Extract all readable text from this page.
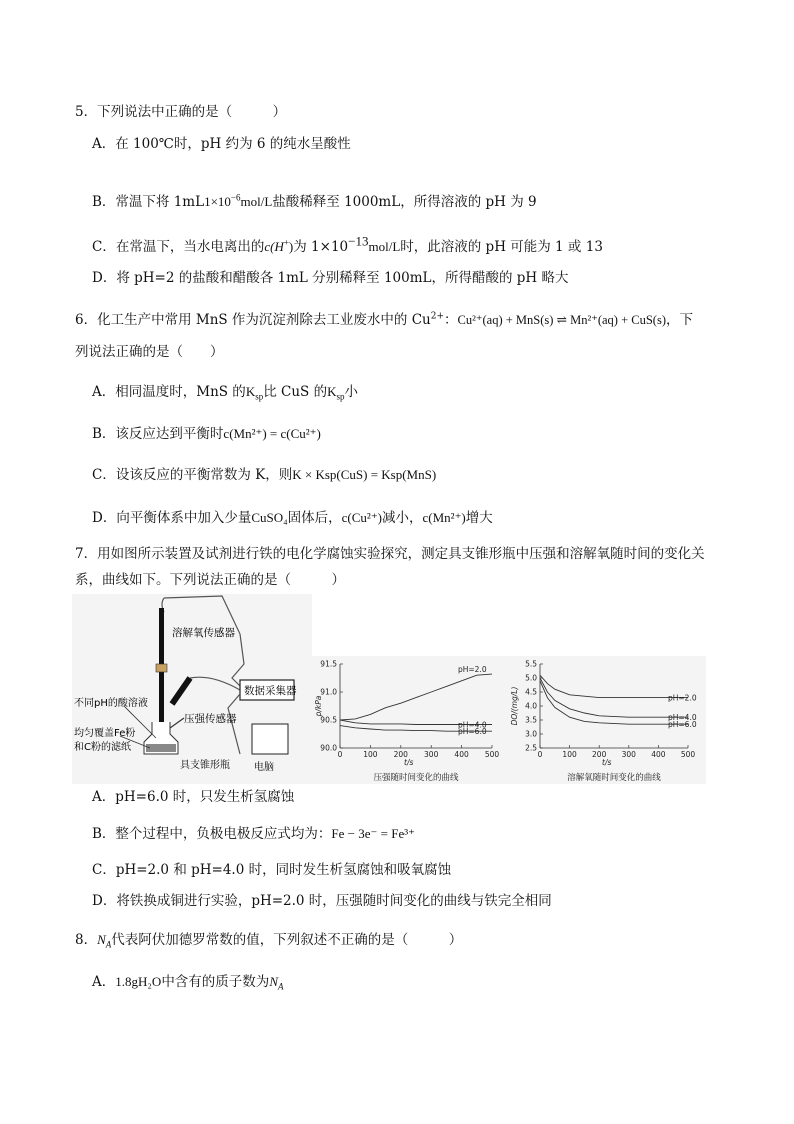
5．下列说法中正确的是（　　　）
A．在 100℃时，pH 约为 6 的纯水呈酸性
B．常温下将 $1mL1\times 10^{-6}mol/L$盐酸稀释至 1000mL，所得溶液的 pH 为 9
C．在常温下，当水电离出的c(H+)为 $1\times 10^{-13}mol/L$时，此溶液的 pH 可能为 1 或 13
D．将 pH=2 的盐酸和醋酸各 1mL 分别稀释至 100mL，所得醋酸的 pH 略大
6．化工生产中常用 MnS 作为沉淀剂除去工业废水中的 $Cu^{2+}$：Cu²⁺(aq) + MnS(s) ⇌ Mn²⁺(aq) + CuS(s)，下
列说法正确的是（　　）
A．相同温度时，MnS 的$K_{sp}$比 CuS 的$K_{sp}$小
B．该反应达到平衡时c(Mn²⁺) = c(Cu²⁺)
C．设该反应的平衡常数为 K，则K × Ksp(CuS) = Ksp(MnS)
D．向平衡体系中加入少量CuSO₄固体后，c(Cu²⁺)减小，c(Mn²⁺)增大
7．用如图所示装置及试剂进行铁的电化学腐蚀实验探究，测定具支锥形瓶中压强和溶解氧随时间的变化关
系，曲线如下。下列说法正确的是（　　　）
溶解氧传感器
压强传感器
数据采集器
不同pH的酸溶液
均匀覆盖Fe粉
和C粉的滤纸
具支锥形瓶 电脑
0	100 200 300 400 500
90.0
90.5
91.0
91.5
t/s
p/kPa
pH=2.0
pH=4.0
pH=6.0
压强随时间变化的曲线
0	100 200 300 400 500
2.5
3.0
3.5
4.0
4.5
5.0
5.5
t/s
DO/(mg/L)	pH=2.0
pH=4.0
pH=6.0
溶解氧随时间变化的曲线
A．pH=6.0 时，只发生析氢腐蚀
B．整个过程中，负极电极反应式均为：Fe − 3e⁻ = Fe³⁺
C．pH=2.0 和 pH=4.0 时，同时发生析氢腐蚀和吸氧腐蚀
D．将铁换成铜进行实验，pH=2.0 时，压强随时间变化的曲线与铁完全相同
8．$N_A$代表阿伏加德罗常数的值，下列叙述不正确的是（　　　）
A．1.8gH₂O中含有的质子数为$N_A$
